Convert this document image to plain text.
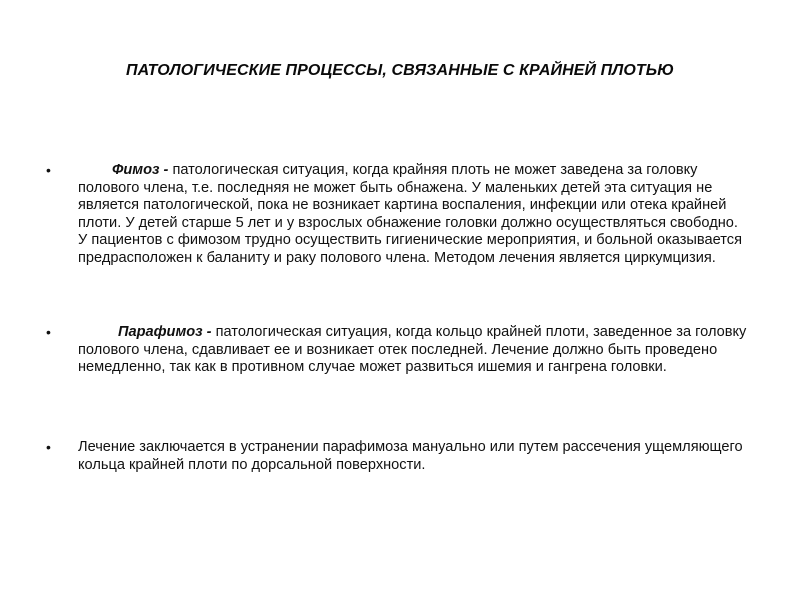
ПАТОЛОГИЧЕСКИЕ ПРОЦЕССЫ, СВЯЗАННЫЕ С КРАЙНЕЙ ПЛОТЬЮ
•	Фимоз - патологическая ситуация, когда крайняя плоть не может заведена за головку полового члена, т.е. последняя не может быть обнажена. У маленьких детей эта ситуация не является патологической, пока не возникает картина воспаления, инфекции или отека крайней плоти. У детей старше 5 лет и у взрослых обнажение головки должно осуществляться свободно. У пациентов с фимозом трудно осуществить гигиенические мероприятия, и больной оказывается предрасположен к баланиту и раку полового члена. Методом лечения является циркумцизия.
•	Парафимоз - патологическая ситуация, когда кольцо крайней плоти, заведенное за головку полового члена, сдавливает ее и возникает отек последней. Лечение должно быть проведено немедленно, так как в противном случае может развиться ишемия и гангрена головки.
• Лечение заключается в устранении парафимоза мануально или путем рассечения ущемляющего кольца крайней плоти по дорсальной поверхности.
